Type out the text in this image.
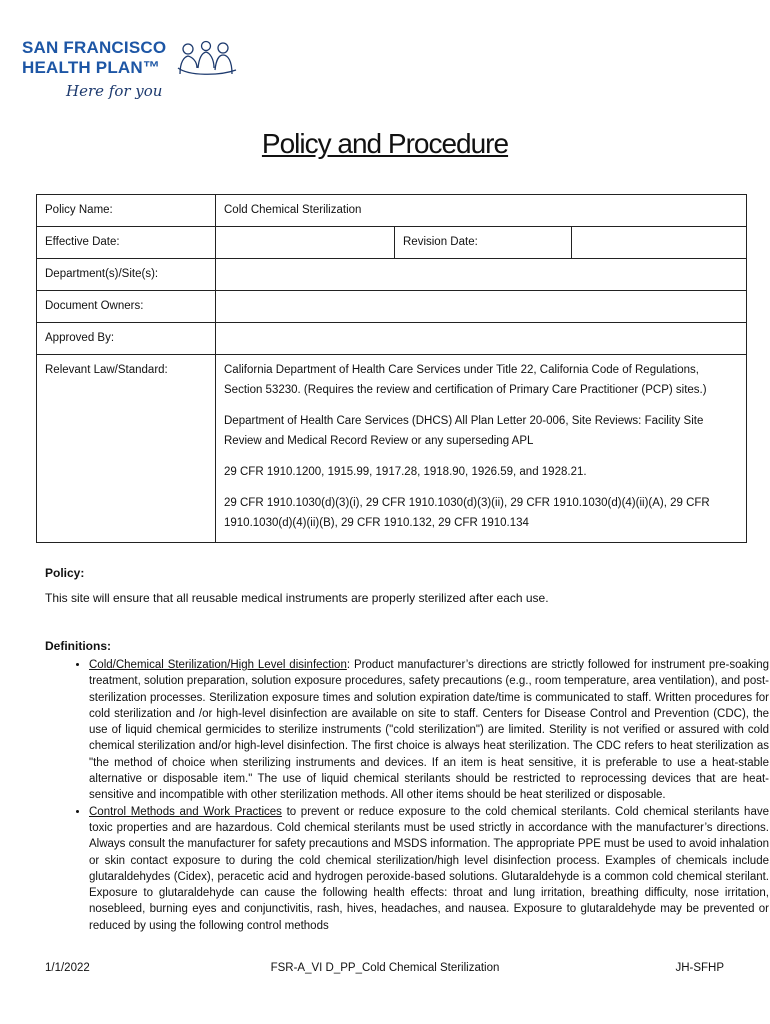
SAN FRANCISCO
HEALTH PLAN™
Here for you
Policy and Procedure
Policy Name:	Cold Chemical Sterilization		
Effective Date:		Revision Date:	
Department(s)/Site(s):			
Document Owners:			
Approved By:			
Relevant Law/Standard:	California Department of Health Care Services under Title 22, California Code of Regulations, Section 53230. (Requires the review and certification of Primary Care Practitioner (PCP) sites.)

Department of Health Care Services (DHCS) All Plan Letter 20-006, Site Reviews: Facility Site Review and Medical Record Review or any superseding APL

29 CFR 1910.1200, 1915.99, 1917.28, 1918.90, 1926.59, and 1928.21.

29 CFR 1910.1030(d)(3)(i), 29 CFR 1910.1030(d)(3)(ii), 29 CFR 1910.1030(d)(4)(ii)(A), 29 CFR 1910.1030(d)(4)(ii)(B), 29 CFR 1910.132, 29 CFR 1910.134		

Policy:
This site will ensure that all reusable medical instruments are properly sterilized after each use.
Definitions:
• Cold/Chemical Sterilization/High Level disinfection: Product manufacturer’s directions are strictly followed for instrument pre-soaking treatment, solution preparation, solution exposure procedures, safety precautions (e.g., room temperature, area ventilation), and post-sterilization processes. Sterilization exposure times and solution expiration date/time is communicated to staff. Written procedures for cold sterilization and /or high-level disinfection are available on site to staff. Centers for Disease Control and Prevention (CDC), the use of liquid chemical germicides to sterilize instruments ("cold sterilization") are limited. Sterility is not verified or assured with cold chemical sterilization and/or high-level disinfection. The first choice is always heat sterilization. The CDC refers to heat sterilization as "the method of choice when sterilizing instruments and devices. If an item is heat sensitive, it is preferable to use a heat-stable alternative or disposable item." The use of liquid chemical sterilants should be restricted to reprocessing devices that are heat-sensitive and incompatible with other sterilization methods. All other items should be heat sterilized or disposable.
• Control Methods and Work Practices to prevent or reduce exposure to the cold chemical sterilants. Cold chemical sterilants have toxic properties and are hazardous. Cold chemical sterilants must be used strictly in accordance with the manufacturer’s directions. Always consult the manufacturer for safety precautions and MSDS information. The appropriate PPE must be used to avoid inhalation or skin contact exposure to during the cold chemical sterilization/high level disinfection process. Examples of chemicals include glutaraldehydes (Cidex), peracetic acid and hydrogen peroxide-based solutions. Glutaraldehyde is a common cold chemical sterilant. Exposure to glutaraldehyde can cause the following health effects: throat and lung irritation, breathing difficulty, nose irritation, nosebleed, burning eyes and conjunctivitis, rash, hives, headaches, and nausea. Exposure to glutaraldehyde may be prevented or reduced by using the following control methods
1/1/2022	FSR-A_VI D_PP_Cold Chemical Sterilization	JH-SFHP
